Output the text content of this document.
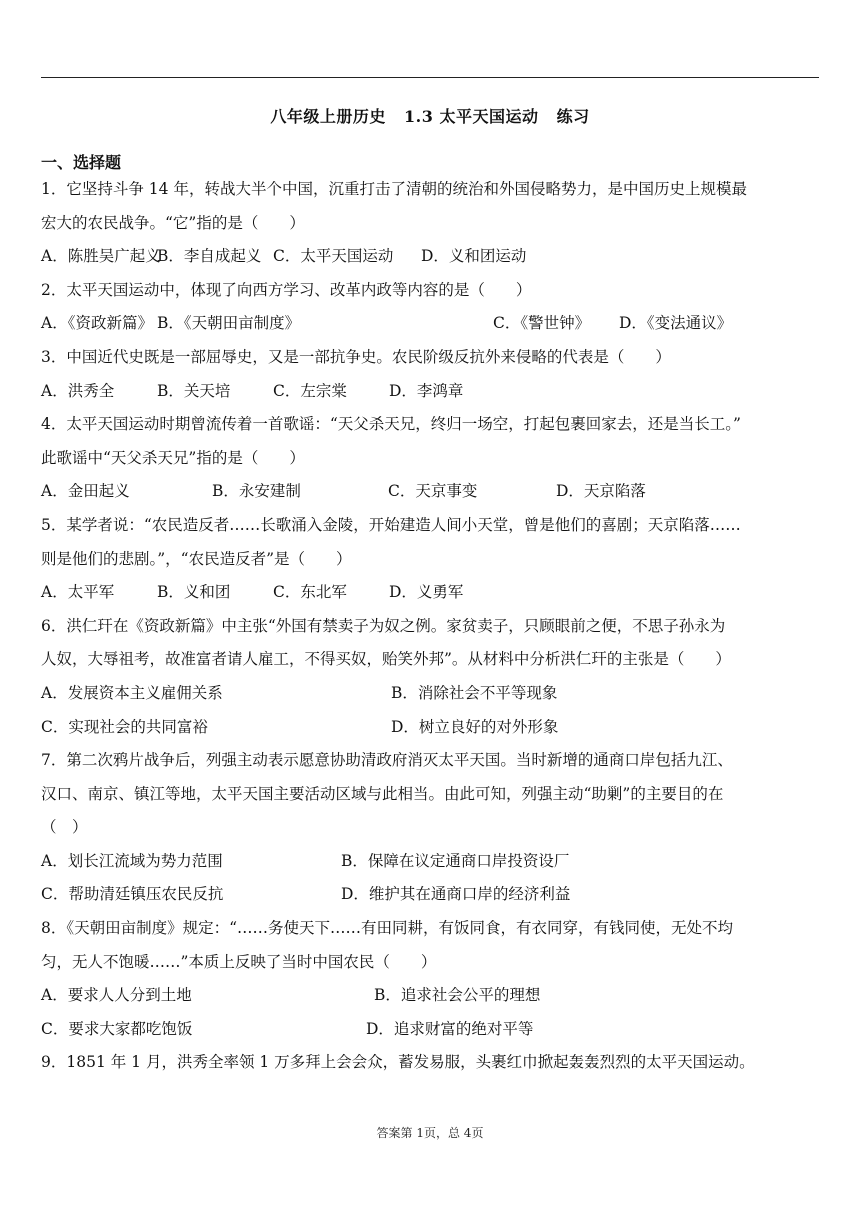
八年级上册历史   1.3 太平天国运动   练习
一、选择题
1．它坚持斗争 14 年，转战大半个中国，沉重打击了清朝的统治和外国侵略势力，是中国历史上规模最
宏大的农民战争。“它”指的是（　　）
A．陈胜吴广起义
B．李自成起义 C．太平天国运动	D．义和团运动
2．太平天国运动中，体现了向西方学习、改革内政等内容的是（　　）
A．《资政新篇》 B．《天朝田亩制度》	C．《警世钟》	D．《变法通议》
3．中国近代史既是一部屈辱史，又是一部抗争史。农民阶级反抗外来侵略的代表是（　　）
A．洪秀全	B．关天培	C．左宗棠	D．李鸿章
4．太平天国运动时期曾流传着一首歌谣：“天父杀天兄，终归一场空，打起包裹回家去，还是当长工。”
此歌谣中“天父杀天兄”指的是（　　）
A．金田起义	B．永安建制	C．天京事变	D．天京陷落
5．某学者说：“农民造反者……长歌涌入金陵，开始建造人间小天堂，曾是他们的喜剧；天京陷落……
则是他们的悲剧。”，“农民造反者”是（　　）
A．太平军	B．义和团	C．东北军	D．义勇军
6．洪仁玕在《资政新篇》中主张“外国有禁卖子为奴之例。家贫卖子，只顾眼前之便，不思子孙永为
人奴，大辱祖考，故准富者请人雇工，不得买奴，贻笑外邦”。从材料中分析洪仁玕的主张是（　　）
A．发展资本主义雇佣关系	B．消除社会不平等现象
C．实现社会的共同富裕	D．树立良好的对外形象
7．第二次鸦片战争后，列强主动表示愿意协助清政府消灭太平天国。当时新增的通商口岸包括九江、
汉口、南京、镇江等地，太平天国主要活动区域与此相当。由此可知，列强主动“助剿”的主要目的在
（　）
A．划长江流域为势力范围	B．保障在议定通商口岸投资设厂
C．帮助清廷镇压农民反抗	D．维护其在通商口岸的经济利益
8．《天朝田亩制度》规定：“……务使天下……有田同耕，有饭同食，有衣同穿，有钱同使，无处不均
匀，无人不饱暖……”本质上反映了当时中国农民（　　）
A．要求人人分到土地	B．追求社会公平的理想
C．要求大家都吃饱饭	D．追求财富的绝对平等
9．1851 年 1 月，洪秀全率领 1 万多拜上会会众，蓄发易服，头裹红巾掀起轰轰烈烈的太平天国运动。
答案第 1页，总 4页
